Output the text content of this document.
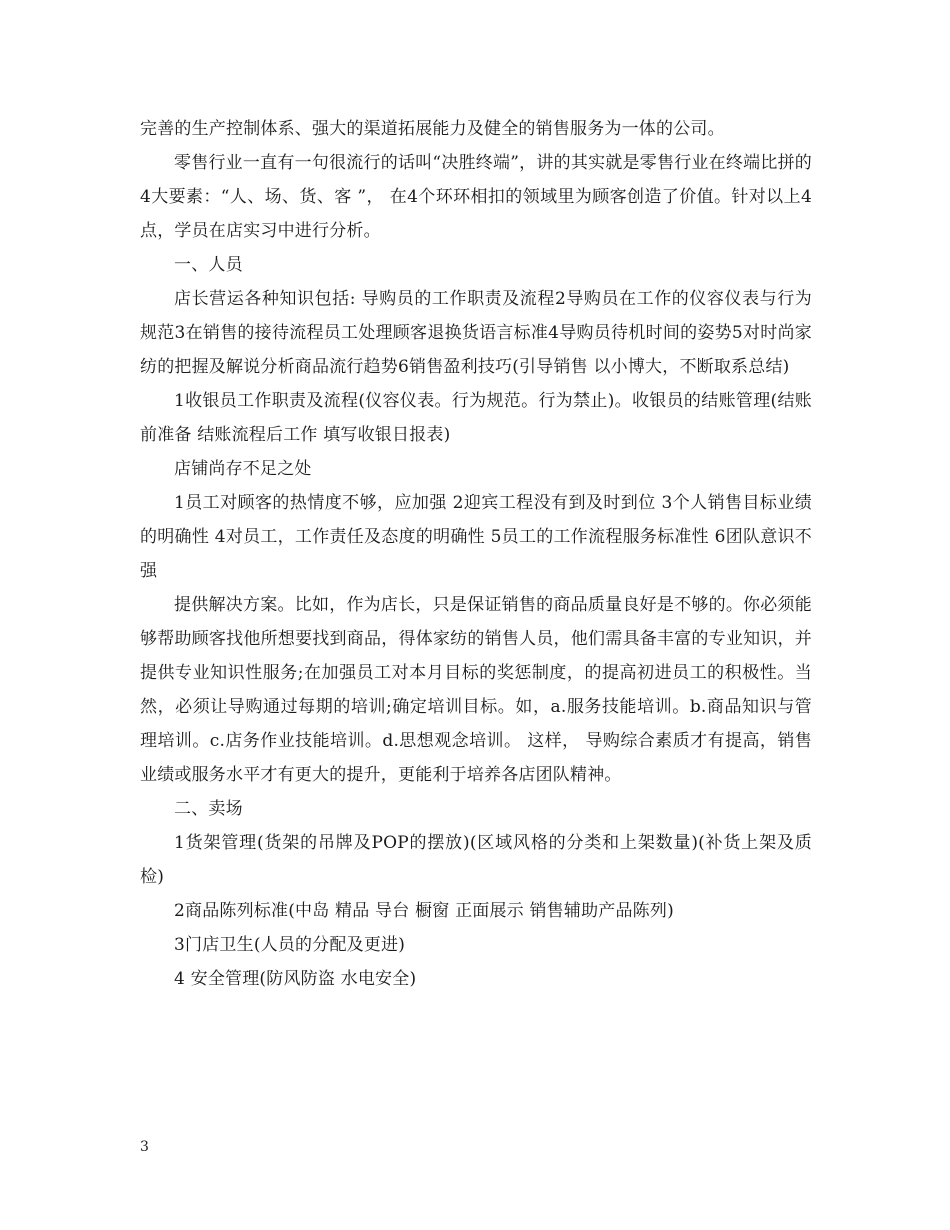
完善的生产控制体系、强大的渠道拓展能力及健全的销售服务为一体的公司。

零售行业一直有一句很流行的话叫“决胜终端”，讲的其实就是零售行业在终端比拼的4大要素：“人、场、货、客 ”， 在4个环环相扣的领域里为顾客创造了价值。针对以上4点，学员在店实习中进行分析。

一、人员

店长营运各种知识包括: 导购员的工作职责及流程2导购员在工作的仪容仪表与行为规范3在销售的接待流程员工处理顾客退换货语言标准4导购员待机时间的姿势5对时尚家纺的把握及解说分析商品流行趋势6销售盈利技巧(引导销售 以小博大，不断取系总结)

1收银员工作职责及流程(仪容仪表。行为规范。行为禁止)。收银员的结账管理(结账前准备 结账流程后工作 填写收银日报表)

店铺尚存不足之处

1员工对顾客的热情度不够，应加强 2迎宾工程没有到及时到位 3个人销售目标业绩的明确性 4对员工，工作责任及态度的明确性 5员工的工作流程服务标准性 6团队意识不强

提供解决方案。比如，作为店长，只是保证销售的商品质量良好是不够的。你必须能够帮助顾客找他所想要找到商品，得体家纺的销售人员，他们需具备丰富的专业知识，并提供专业知识性服务;在加强员工对本月目标的奖惩制度，的提高初进员工的积极性。当然，必须让导购通过每期的培训;确定培训目标。如，a.服务技能培训。b.商品知识与管理培训。c.店务作业技能培训。d.思想观念培训。 这样， 导购综合素质才有提高，销售业绩或服务水平才有更大的提升，更能利于培养各店团队精神。

二、卖场

1货架管理(货架的吊牌及POP的摆放)(区域风格的分类和上架数量)(补货上架及质检)

2商品陈列标准(中岛 精品 导台 橱窗 正面展示 销售辅助产品陈列)

3门店卫生(人员的分配及更进)

4 安全管理(防风防盗 水电安全)

3
